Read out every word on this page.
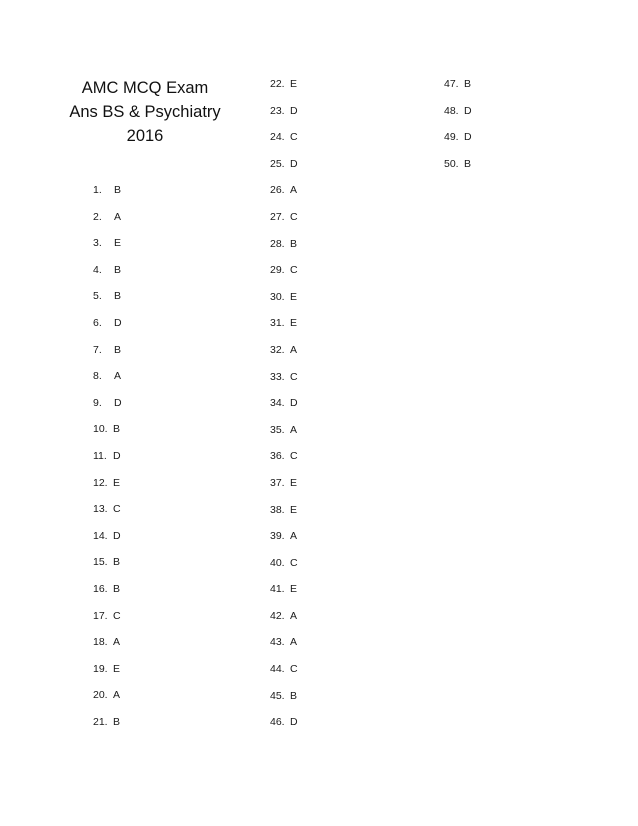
AMC MCQ Exam
Ans BS & Psychiatry
2016
1.	B
2.	A
3.	E
4.	B
5.	B
6.	D
7.	B
8.	A
9.	D
10. B
11. D
12. E
13. C
14. D
15. B
16. B
17. C
18. A
19. E
20. A
21. B
22. E
23. D
24. C
25. D
26. A
27. C
28. B
29. C
30. E
31. E
32. A
33. C
34. D
35. A
36. C
37. E
38. E
39. A
40. C
41. E
42. A
43. A
44. C
45. B
46. D
47. B
48. D
49. D
50. B
